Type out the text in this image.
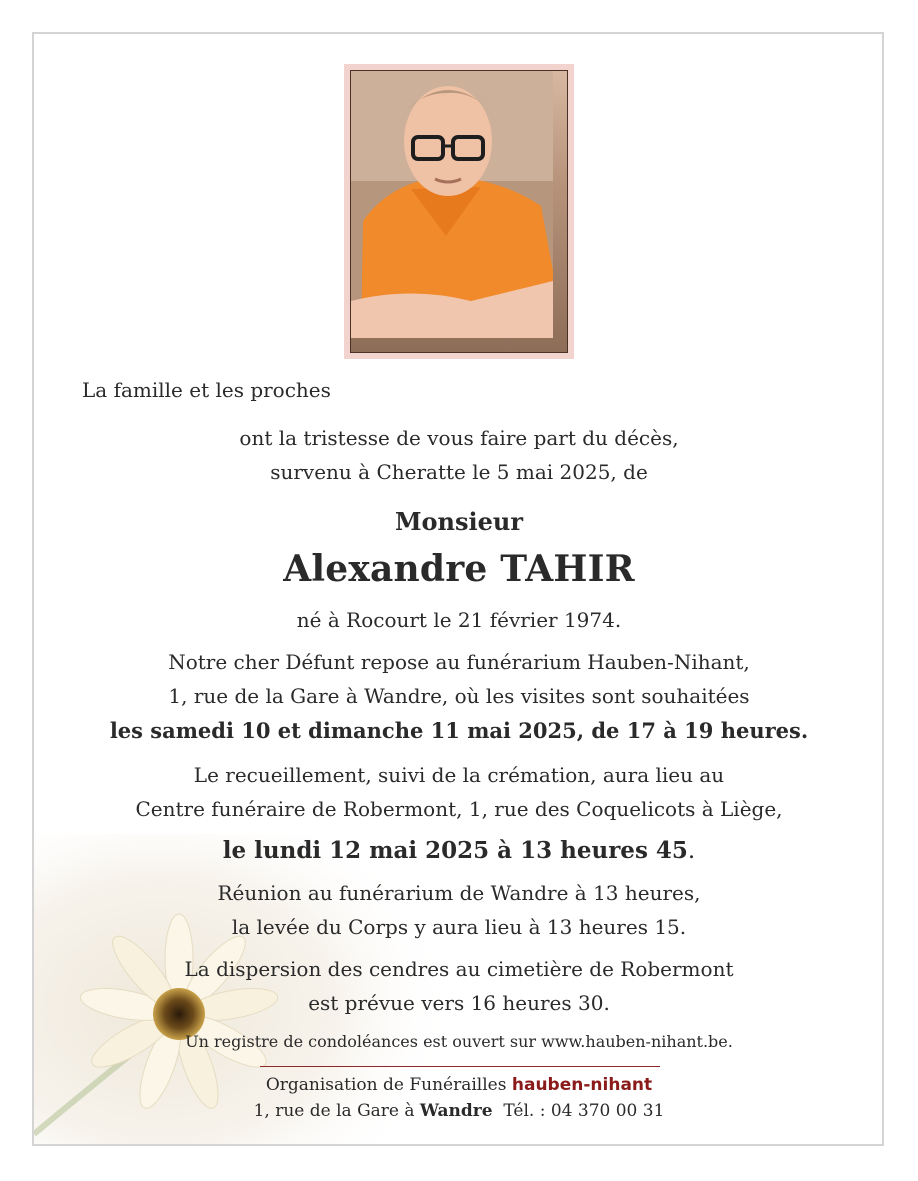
La famille et les proches
ont la tristesse de vous faire part du décès,
survenu à Cheratte le 5 mai 2025, de
Monsieur
Alexandre TAHIR
né à Rocourt le 21 février 1974.
Notre cher Défunt repose au funérarium Hauben-Nihant,
1, rue de la Gare à Wandre, où les visites sont souhaitées
les samedi 10 et dimanche 11 mai 2025, de 17 à 19 heures.
Le recueillement, suivi de la crémation, aura lieu au
Centre funéraire de Robermont, 1, rue des Coquelicots à Liège,
le lundi 12 mai 2025 à 13 heures 45.
Réunion au funérarium de Wandre à 13 heures,
la levée du Corps y aura lieu à 13 heures 15.
La dispersion des cendres au cimetière de Robermont
est prévue vers 16 heures 30.
Un registre de condoléances est ouvert sur www.hauben-nihant.be.
Organisation de Funérailles hauben-nihant
1, rue de la Gare à Wandre Tél. : 04 370 00 31
